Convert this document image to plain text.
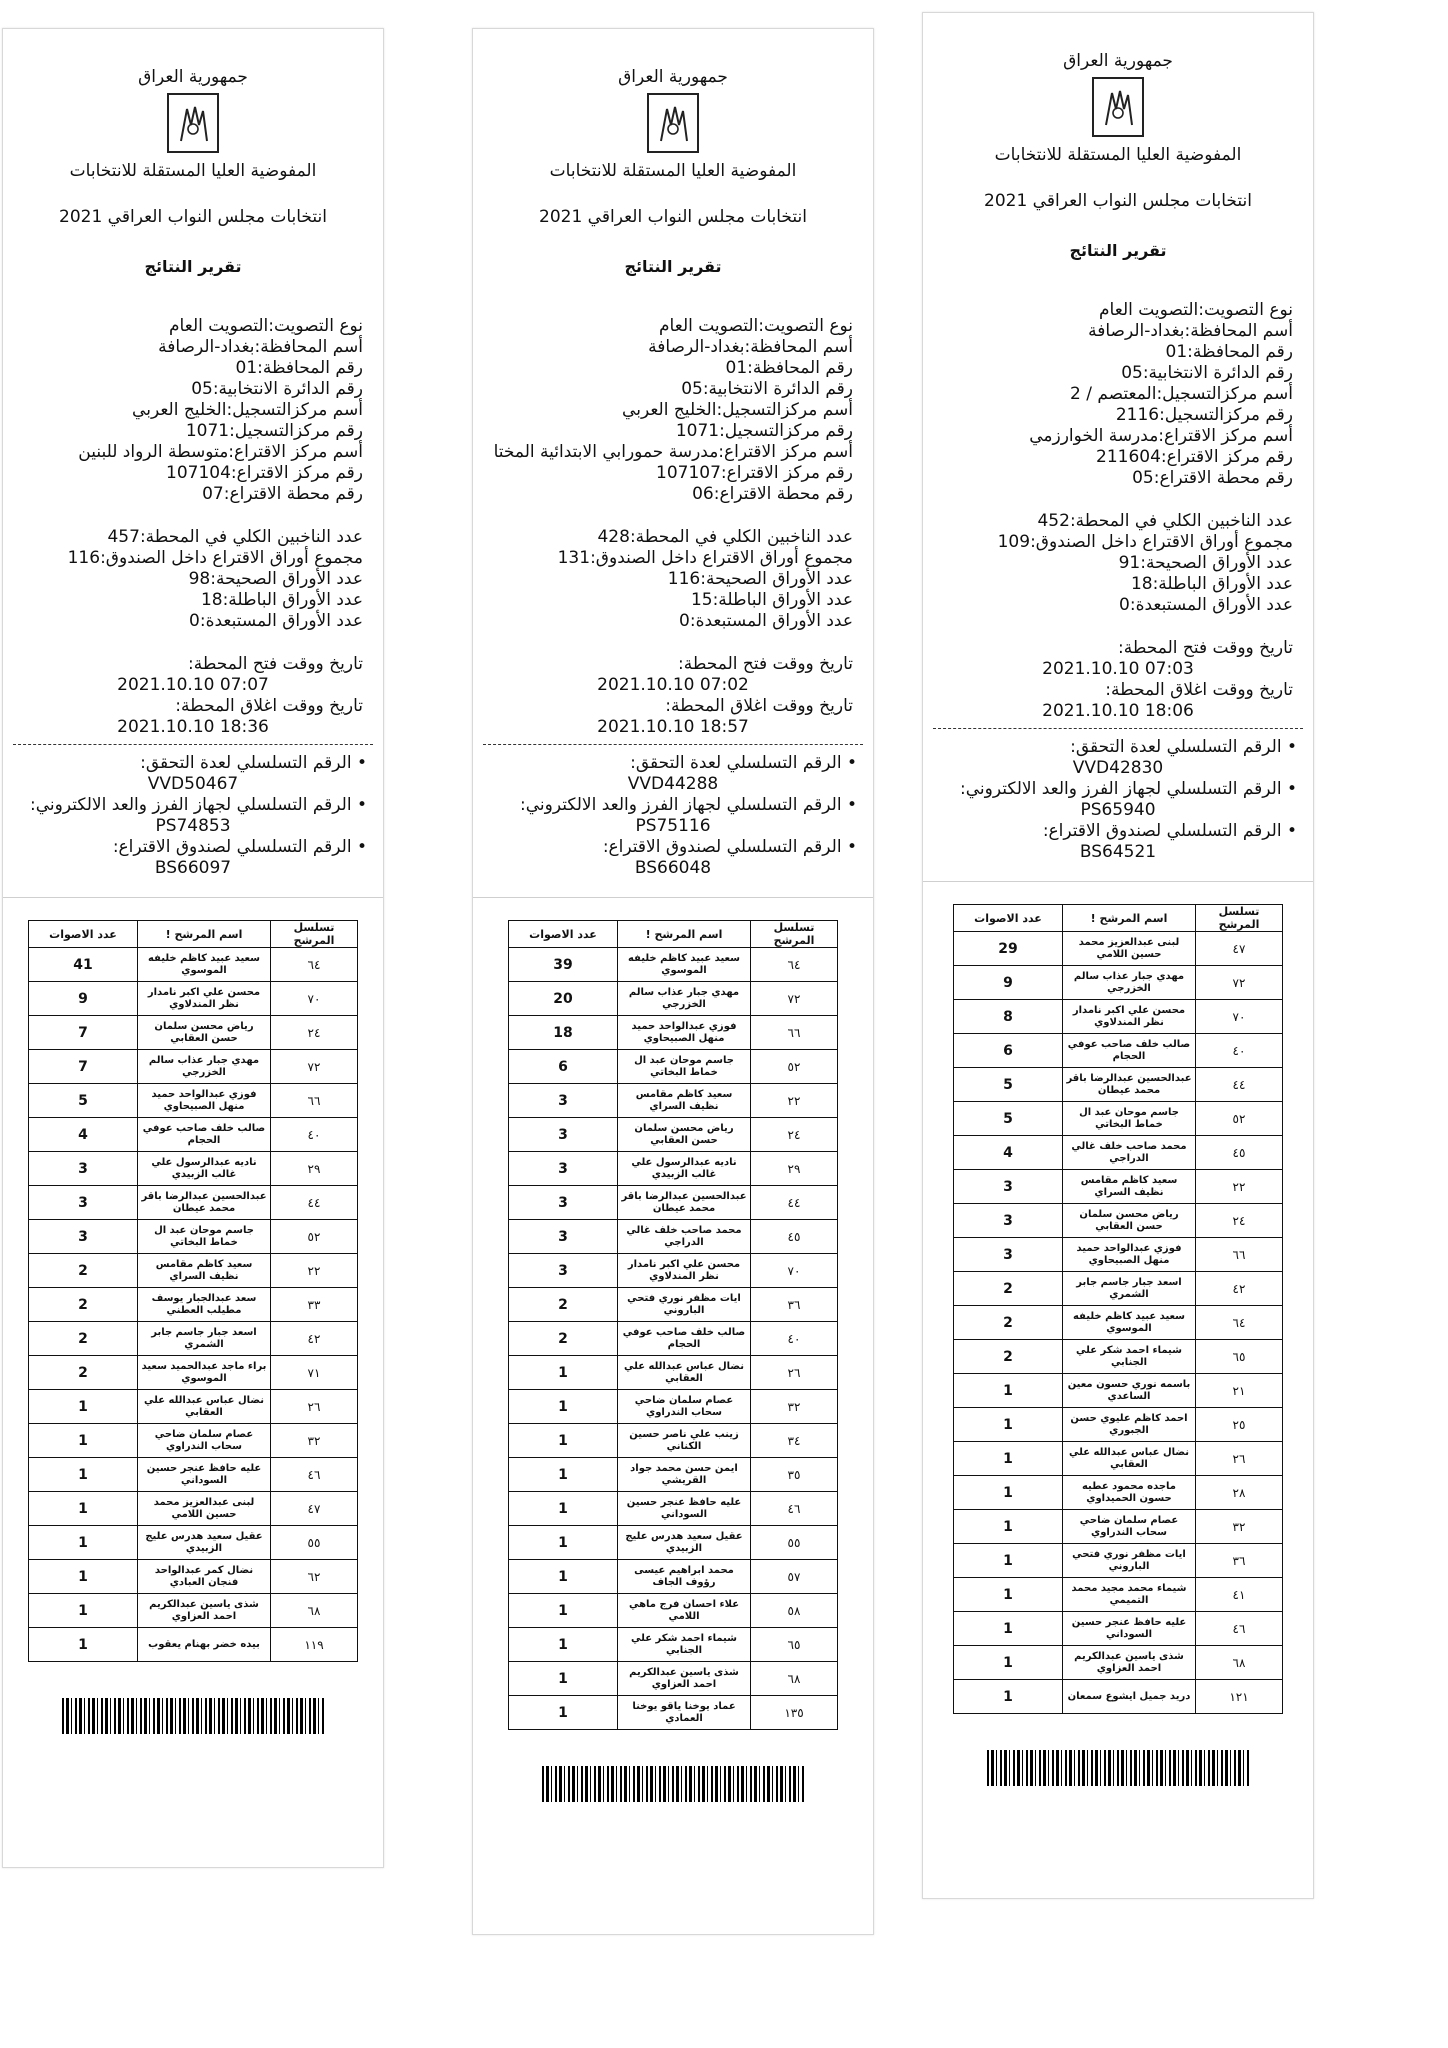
جمهورية العراق
المفوضية العليا المستقلة للانتخابات
انتخابات مجلس النواب العراقي 2021
تقرير النتائج
نوع التصويت:التصويت العام
أسم المحافظة:بغداد-الرصافة
رقم المحافظة:01
رقم الدائرة الانتخابية:05
أسم مركزالتسجيل:الخليج العربي
رقم مركزالتسجيل:1071
أسم مركز الاقتراع:متوسطة الرواد للبنين
رقم مركز الاقتراع:107104
رقم محطة الاقتراع:07
عدد الناخبين الكلي في المحطة:457
مجموع أوراق الاقتراع داخل الصندوق:116
عدد الأوراق الصحيحة:98
عدد الأوراق الباطلة:18
عدد الأوراق المستبعدة:0
تاريخ ووقت فتح المحطة:
2021.10.10 07:07
تاريخ ووقت اغلاق المحطة:
2021.10.10 18:36
• الرقم التسلسلي لعدة التحقق:
VVD50467
• الرقم التسلسلي لجهاز الفرز والعد الالكتروني:
PS74853
• الرقم التسلسلي لصندوق الاقتراع:
BS66097
تسلسل المرشح	اسم المرشح !	عدد الاصوات
٦٤	سعيد عبيد كاظم خليفه الموسوي	41
٧٠	محسن علي اكبر نامدار نظر المندلاوي	9
٢٤	رياض محسن سلمان حسن العقابي	7
٧٢	مهدي جبار عذاب سالم الخزرجي	7
٦٦	فوزي عبدالواحد حميد منهل الصبيحاوي	5
٤٠	صالب خلف صاحب عوفي الحجام	4
٢٩	ناديه عبدالرسول علي غالب الزبيدي	3
٤٤	عبدالحسين عبدالرضا باقر محمد عيطان	3
٥٢	جاسم موحان عبد ال خماط البخاتي	3
٢٢	سعيد كاظم مقامس نظيف السراي	2
٣٣	سعد عبدالجبار يوسف مطيلب العطني	2
٤٢	اسعد جبار جاسم جابر الشمري	2
٧١	براء ماجد عبدالحميد سعيد الموسوي	2
٢٦	نضال عباس عبدالله علي العقابي	1
٣٢	عصام سلمان ضاحي سحاب الندراوي	1
٤٦	عليه حافظ عنجر حسين السوداني	1
٤٧	لبنى عبدالعزيز محمد حسين اللامي	1
٥٥	عقيل سعيد هدرس عليج الزبيدي	1
٦٢	نضال كمر عبدالواحد فنجان العبادي	1
٦٨	شذى ياسين عبدالكريم احمد العزاوي	1
١١٩	بيده خضر بهنام يعقوب	1
جمهورية العراق
المفوضية العليا المستقلة للانتخابات
انتخابات مجلس النواب العراقي 2021
تقرير النتائج
نوع التصويت:التصويت العام
أسم المحافظة:بغداد-الرصافة
رقم المحافظة:01
رقم الدائرة الانتخابية:05
أسم مركزالتسجيل:الخليج العربي
رقم مركزالتسجيل:1071
أسم مركز الاقتراع:مدرسة حمورابي الابتدائية المختا
رقم مركز الاقتراع:107107
رقم محطة الاقتراع:06
عدد الناخبين الكلي في المحطة:428
مجموع أوراق الاقتراع داخل الصندوق:131
عدد الأوراق الصحيحة:116
عدد الأوراق الباطلة:15
عدد الأوراق المستبعدة:0
تاريخ ووقت فتح المحطة:
2021.10.10 07:02
تاريخ ووقت اغلاق المحطة:
2021.10.10 18:57
• الرقم التسلسلي لعدة التحقق:
VVD44288
• الرقم التسلسلي لجهاز الفرز والعد الالكتروني:
PS75116
• الرقم التسلسلي لصندوق الاقتراع:
BS66048
تسلسل المرشح	اسم المرشح !	عدد الاصوات
٦٤	سعيد عبيد كاظم خليفه الموسوي	39
٧٢	مهدي جبار عذاب سالم الخزرجي	20
٦٦	فوزي عبدالواحد حميد منهل الصبيحاوي	18
٥٢	جاسم موحان عبد ال خماط البخاتي	6
٢٢	سعيد كاظم مقامس نظيف السراي	3
٢٤	رياض محسن سلمان حسن العقابي	3
٢٩	ناديه عبدالرسول علي غالب الزبيدي	3
٤٤	عبدالحسين عبدالرضا باقر محمد عيطان	3
٤٥	محمد صاحب خلف غالي الدراجي	3
٧٠	محسن علي اكبر نامدار نظر المندلاوي	3
٣٦	ايات مظفر نوري فتحي الباروني	2
٤٠	صالب خلف صاحب عوفي الحجام	2
٢٦	نضال عباس عبدالله علي العقابي	1
٣٢	عصام سلمان ضاحي سحاب الندراوي	1
٣٤	زينب علي ناصر حسين الكناني	1
٣٥	ايمن حسن محمد جواد القريشي	1
٤٦	عليه حافظ عنجر حسين السوداني	1
٥٥	عقيل سعيد هدرس عليج الزبيدي	1
٥٧	محمد ابراهيم عيسى رؤوف الجاف	1
٥٨	علاء احسان فرج ماهي اللامي	1
٦٥	شيماء احمد شكر علي الجنابي	1
٦٨	شذى ياسين عبدالكريم احمد العزاوي	1
١٣٥	عماد يوخنا ياقو يوخنا العمادي	1
جمهورية العراق
المفوضية العليا المستقلة للانتخابات
انتخابات مجلس النواب العراقي 2021
تقرير النتائج
نوع التصويت:التصويت العام
أسم المحافظة:بغداد-الرصافة
رقم المحافظة:01
رقم الدائرة الانتخابية:05
أسم مركزالتسجيل:المعتصم / 2
رقم مركزالتسجيل:2116
أسم مركز الاقتراع:مدرسة الخوارزمي
رقم مركز الاقتراع:211604
رقم محطة الاقتراع:05
عدد الناخبين الكلي في المحطة:452
مجموع أوراق الاقتراع داخل الصندوق:109
عدد الأوراق الصحيحة:91
عدد الأوراق الباطلة:18
عدد الأوراق المستبعدة:0
تاريخ ووقت فتح المحطة:
2021.10.10 07:03
تاريخ ووقت اغلاق المحطة:
2021.10.10 18:06
• الرقم التسلسلي لعدة التحقق:
VVD42830
• الرقم التسلسلي لجهاز الفرز والعد الالكتروني:
PS65940
• الرقم التسلسلي لصندوق الاقتراع:
BS64521
تسلسل المرشح	اسم المرشح !	عدد الاصوات
٤٧	لبنى عبدالعزيز محمد حسين اللامي	29
٧٢	مهدي جبار عذاب سالم الخزرجي	9
٧٠	محسن علي اكبر نامدار نظر المندلاوي	8
٤٠	صالب خلف صاحب عوفي الحجام	6
٤٤	عبدالحسين عبدالرضا باقر محمد عيطان	5
٥٢	جاسم موحان عبد ال خماط البخاتي	5
٤٥	محمد صاحب خلف غالي الدراجي	4
٢٢	سعيد كاظم مقامس نظيف السراي	3
٢٤	رياض محسن سلمان حسن العقابي	3
٦٦	فوزي عبدالواحد حميد منهل الصبيحاوي	3
٤٢	اسعد جبار جاسم جابر الشمري	2
٦٤	سعيد عبيد كاظم خليفه الموسوي	2
٦٥	شيماء احمد شكر علي الجنابي	2
٢١	باسمه نوري حسون معين الساعدي	1
٢٥	احمد كاظم عليوي حسن الجبوري	1
٢٦	نضال عباس عبدالله علي العقابي	1
٢٨	ماجده محمود عطيه حسون الحميداوي	1
٣٢	عصام سلمان ضاحي سحاب الندراوي	1
٣٦	ايات مظفر نوري فتحي الباروني	1
٤١	شيماء محمد مجيد محمد التميمي	1
٤٦	عليه حافظ عنجر حسين السوداني	1
٦٨	شذى ياسين عبدالكريم احمد العزاوي	1
١٢١	دريد جميل ايشوع سمعان	1
